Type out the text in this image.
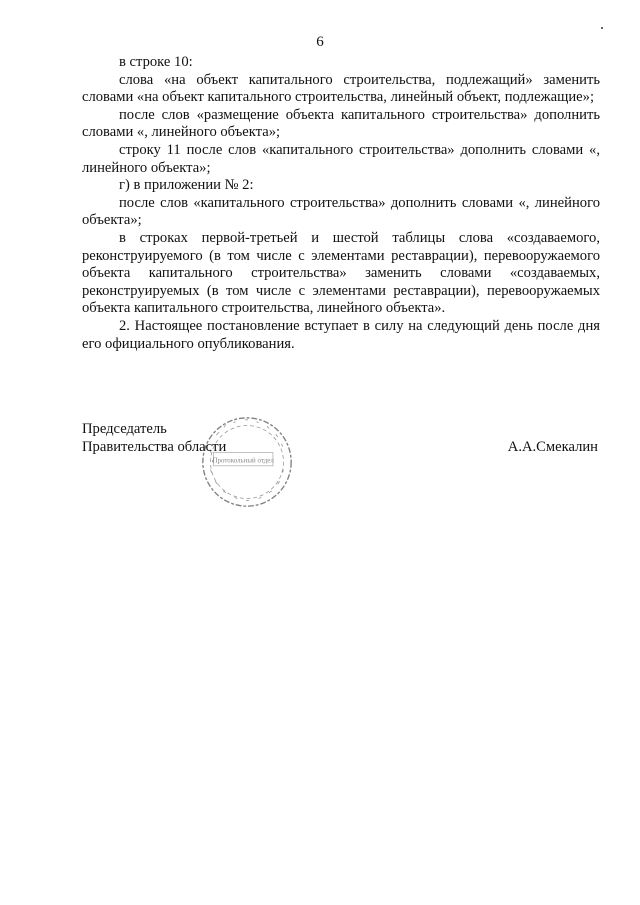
6

в строке 10:

слова «на объект капитального строительства, подлежащий» заменить словами «на объект капитального строительства, линейный объект, подлежащие»;

после слов «размещение объекта капитального строительства» дополнить словами «, линейного объекта»;

строку 11 после слов «капитального строительства» дополнить словами «, линейного объекта»;

г) в приложении № 2:

после слов «капитального строительства» дополнить словами «, линейного объекта»;

в строках первой-третьей и шестой таблицы слова «создаваемого, реконструируемого (в том числе с элементами реставрации), перевооружаемого объекта капитального строительства» заменить словами «создаваемых, реконструируемых (в том числе с элементами реставрации), перевооружаемых объекта капитального строительства, линейного объекта».

2. Настоящее постановление вступает в силу на следующий день после дня его официального опубликования.

Председатель
Правительства области
Протокольный отдел
А.А.Смекалин
